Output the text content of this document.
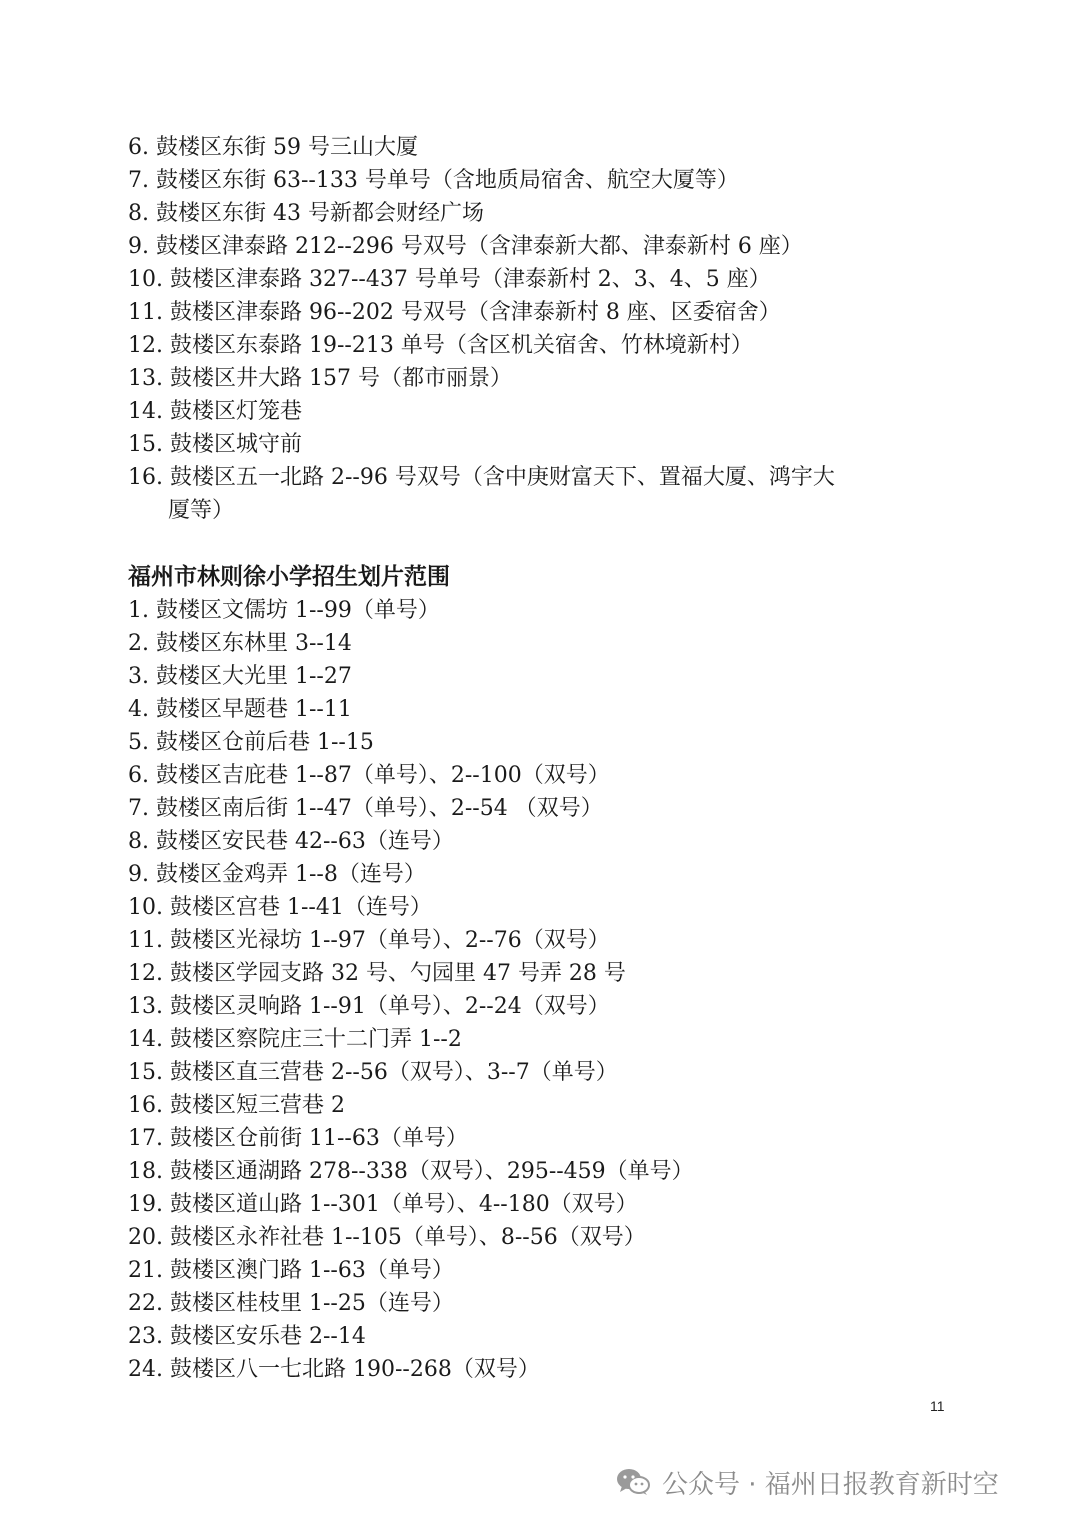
6. 鼓楼区东街 59 号三山大厦
7. 鼓楼区东街 63--133 号单号（含地质局宿舍、航空大厦等）
8. 鼓楼区东街 43 号新都会财经广场
9. 鼓楼区津泰路 212--296 号双号（含津泰新大都、津泰新村 6 座）
10. 鼓楼区津泰路 327--437 号单号（津泰新村 2、3、4、5 座）
11. 鼓楼区津泰路 96--202 号双号（含津泰新村 8 座、区委宿舍）
12. 鼓楼区东泰路 19--213 单号（含区机关宿舍、竹林境新村）
13. 鼓楼区井大路 157 号（都市丽景）
14. 鼓楼区灯笼巷
15. 鼓楼区城守前
16. 鼓楼区五一北路 2--96 号双号（含中庚财富天下、置福大厦、鸿宇大
厦等）
福州市林则徐小学招生划片范围
1. 鼓楼区文儒坊 1--99（单号）
2. 鼓楼区东林里 3--14
3. 鼓楼区大光里 1--27
4. 鼓楼区早题巷 1--11
5. 鼓楼区仓前后巷 1--15
6. 鼓楼区吉庇巷 1--87（单号）、2--100（双号）
7. 鼓楼区南后街 1--47（单号）、2--54 （双号）
8. 鼓楼区安民巷 42--63（连号）
9. 鼓楼区金鸡弄 1--8（连号）
10. 鼓楼区宫巷 1--41（连号）
11. 鼓楼区光禄坊 1--97（单号）、2--76（双号）
12. 鼓楼区学园支路 32 号、勺园里 47 号弄 28 号
13. 鼓楼区灵响路 1--91（单号）、2--24（双号）
14. 鼓楼区察院庄三十二门弄 1--2
15. 鼓楼区直三营巷 2--56（双号）、3--7（单号）
16. 鼓楼区短三营巷 2
17. 鼓楼区仓前街 11--63（单号）
18. 鼓楼区通湖路 278--338（双号）、295--459（单号）
19. 鼓楼区道山路 1--301（单号）、4--180（双号）
20. 鼓楼区永祚社巷 1--105（单号）、8--56（双号）
21. 鼓楼区澳门路 1--63（单号）
22. 鼓楼区桂枝里 1--25（连号）
23. 鼓楼区安乐巷 2--14
24. 鼓楼区八一七北路 190--268（双号）
11
公众号 · 福州日报教育新时空
